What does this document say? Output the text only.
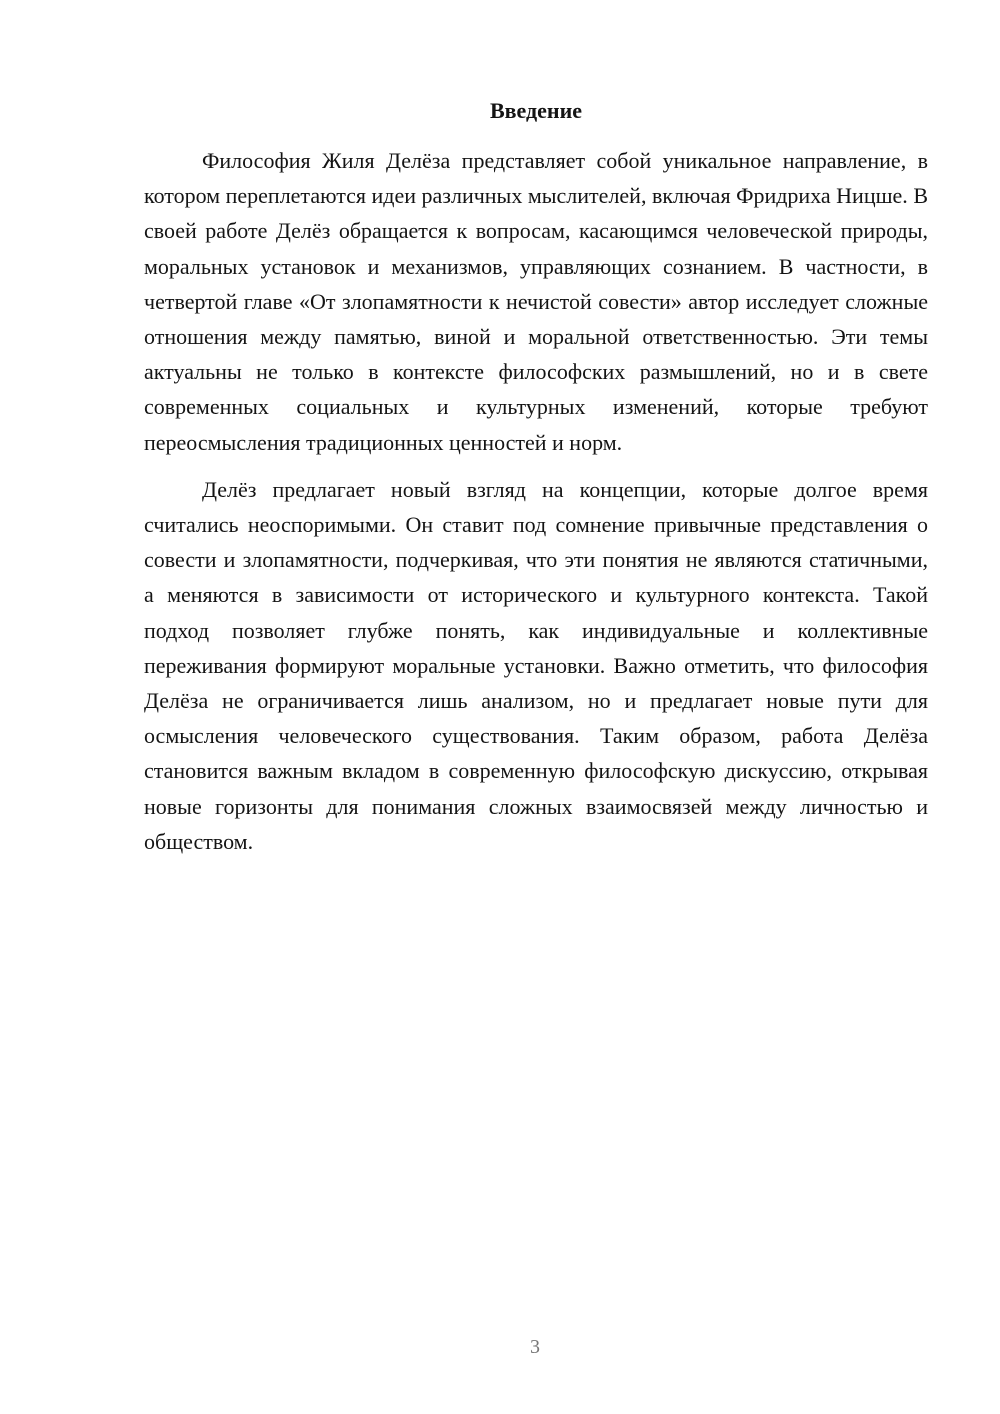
Введение

Философия Жиля Делёза представляет собой уникальное направление, в котором переплетаются идеи различных мыслителей, включая Фридриха Ницше. В своей работе Делёз обращается к вопросам, касающимся человеческой природы, моральных установок и механизмов, управляющих сознанием. В частности, в четвертой главе «От злопамятности к нечистой совести» автор исследует сложные отношения между памятью, виной и моральной ответственностью. Эти темы актуальны не только в контексте философских размышлений, но и в свете современных социальных и культурных изменений, которые требуют переосмысления традиционных ценностей и норм.

Делёз предлагает новый взгляд на концепции, которые долгое время считались неоспоримыми. Он ставит под сомнение привычные представления о совести и злопамятности, подчеркивая, что эти понятия не являются статичными, а меняются в зависимости от исторического и культурного контекста. Такой подход позволяет глубже понять, как индивидуальные и коллективные переживания формируют моральные установки. Важно отметить, что философия Делёза не ограничивается лишь анализом, но и предлагает новые пути для осмысления человеческого существования. Таким образом, работа Делёза становится важным вкладом в современную философскую дискуссию, открывая новые горизонты для понимания сложных взаимосвязей между личностью и обществом.

3
